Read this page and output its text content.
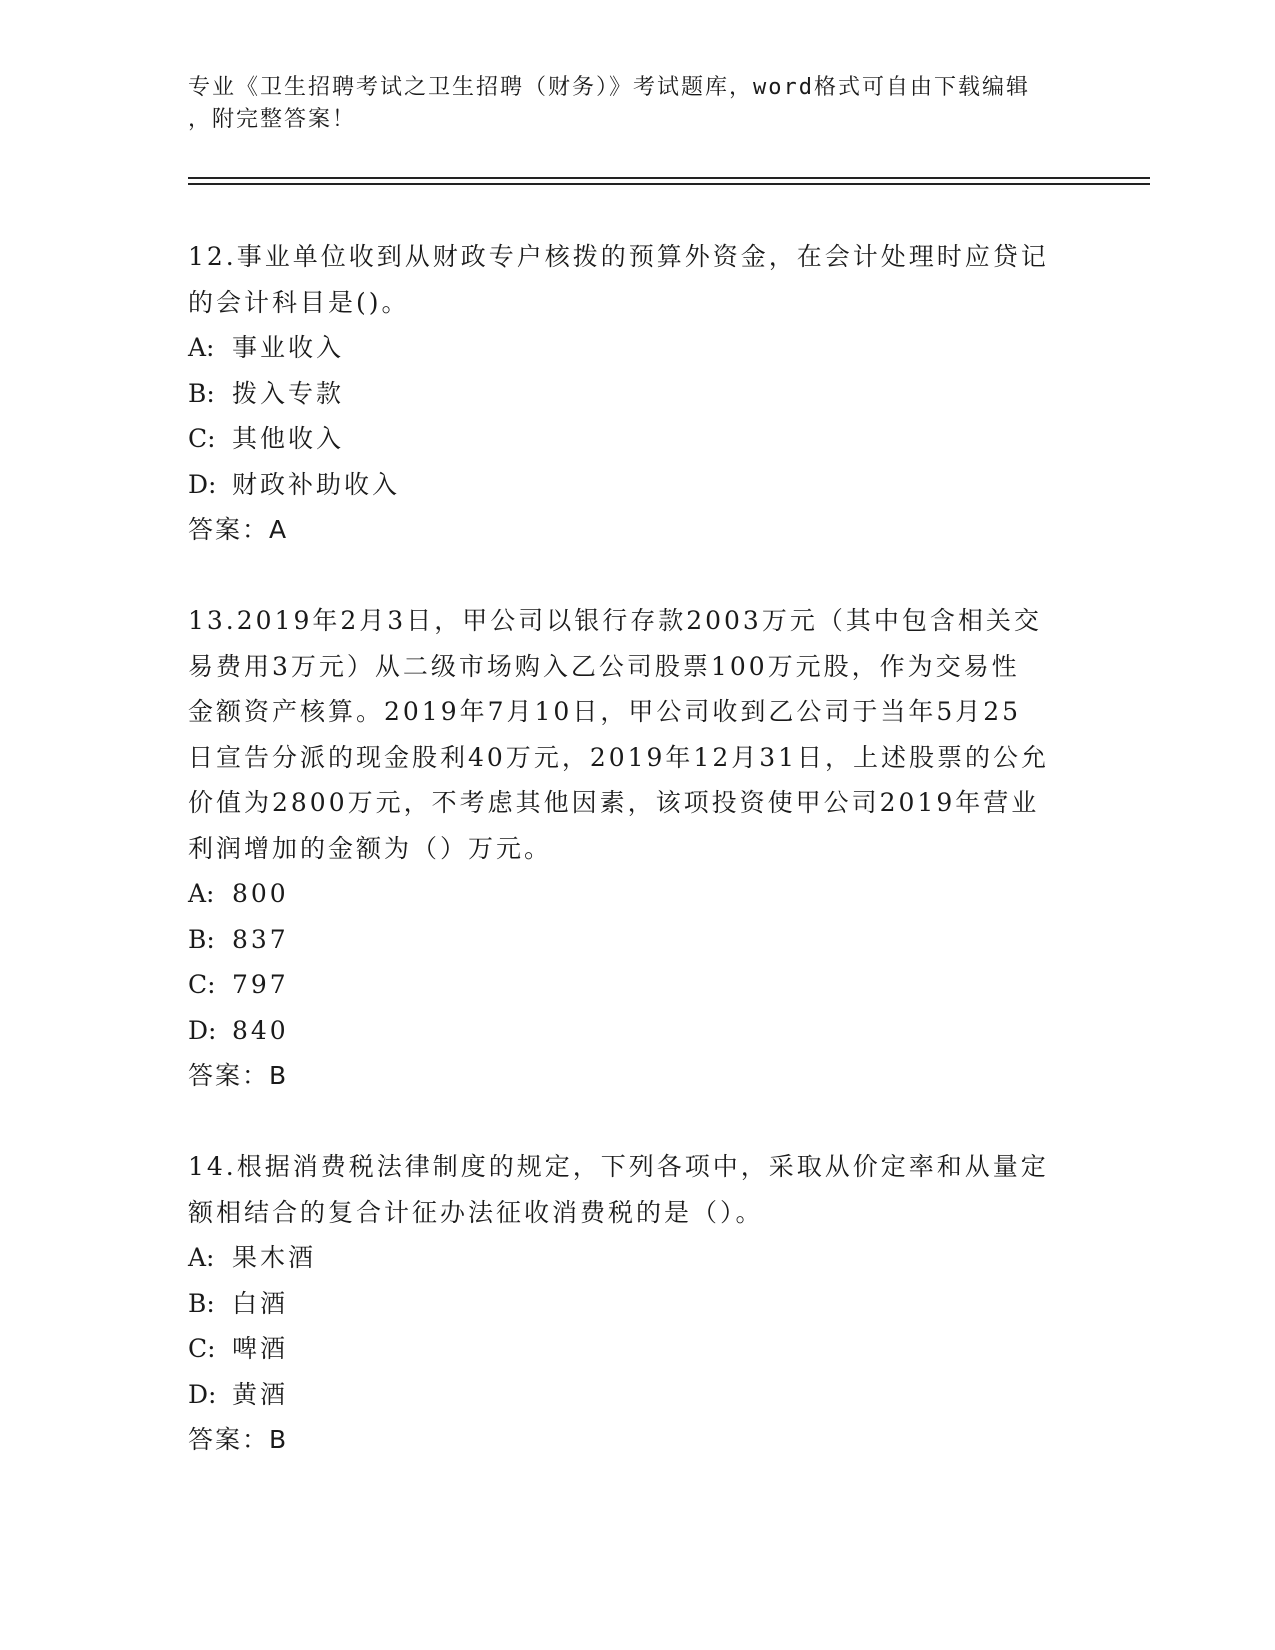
专业《卫生招聘考试之卫生招聘（财务）》考试题库，word格式可自由下载编辑
，附完整答案！
12.事业单位收到从财政专户核拨的预算外资金，在会计处理时应贷记
的会计科目是()。
A: 事业收入
B: 拨入专款
C: 其他收入
D: 财政补助收入
答案：A
13.2019年2月3日，甲公司以银行存款2003万元（其中包含相关交
易费用3万元）从二级市场购入乙公司股票100万元股，作为交易性
金额资产核算。2019年7月10日，甲公司收到乙公司于当年5月25
日宣告分派的现金股利40万元，2019年12月31日，上述股票的公允
价值为2800万元，不考虑其他因素，该项投资使甲公司2019年营业
利润增加的金额为（）万元。
A: 800
B: 837
C: 797
D: 840
答案：B
14.根据消费税法律制度的规定，下列各项中，采取从价定率和从量定
额相结合的复合计征办法征收消费税的是（）。
A: 果木酒
B: 白酒
C: 啤酒
D: 黄酒
答案：B
